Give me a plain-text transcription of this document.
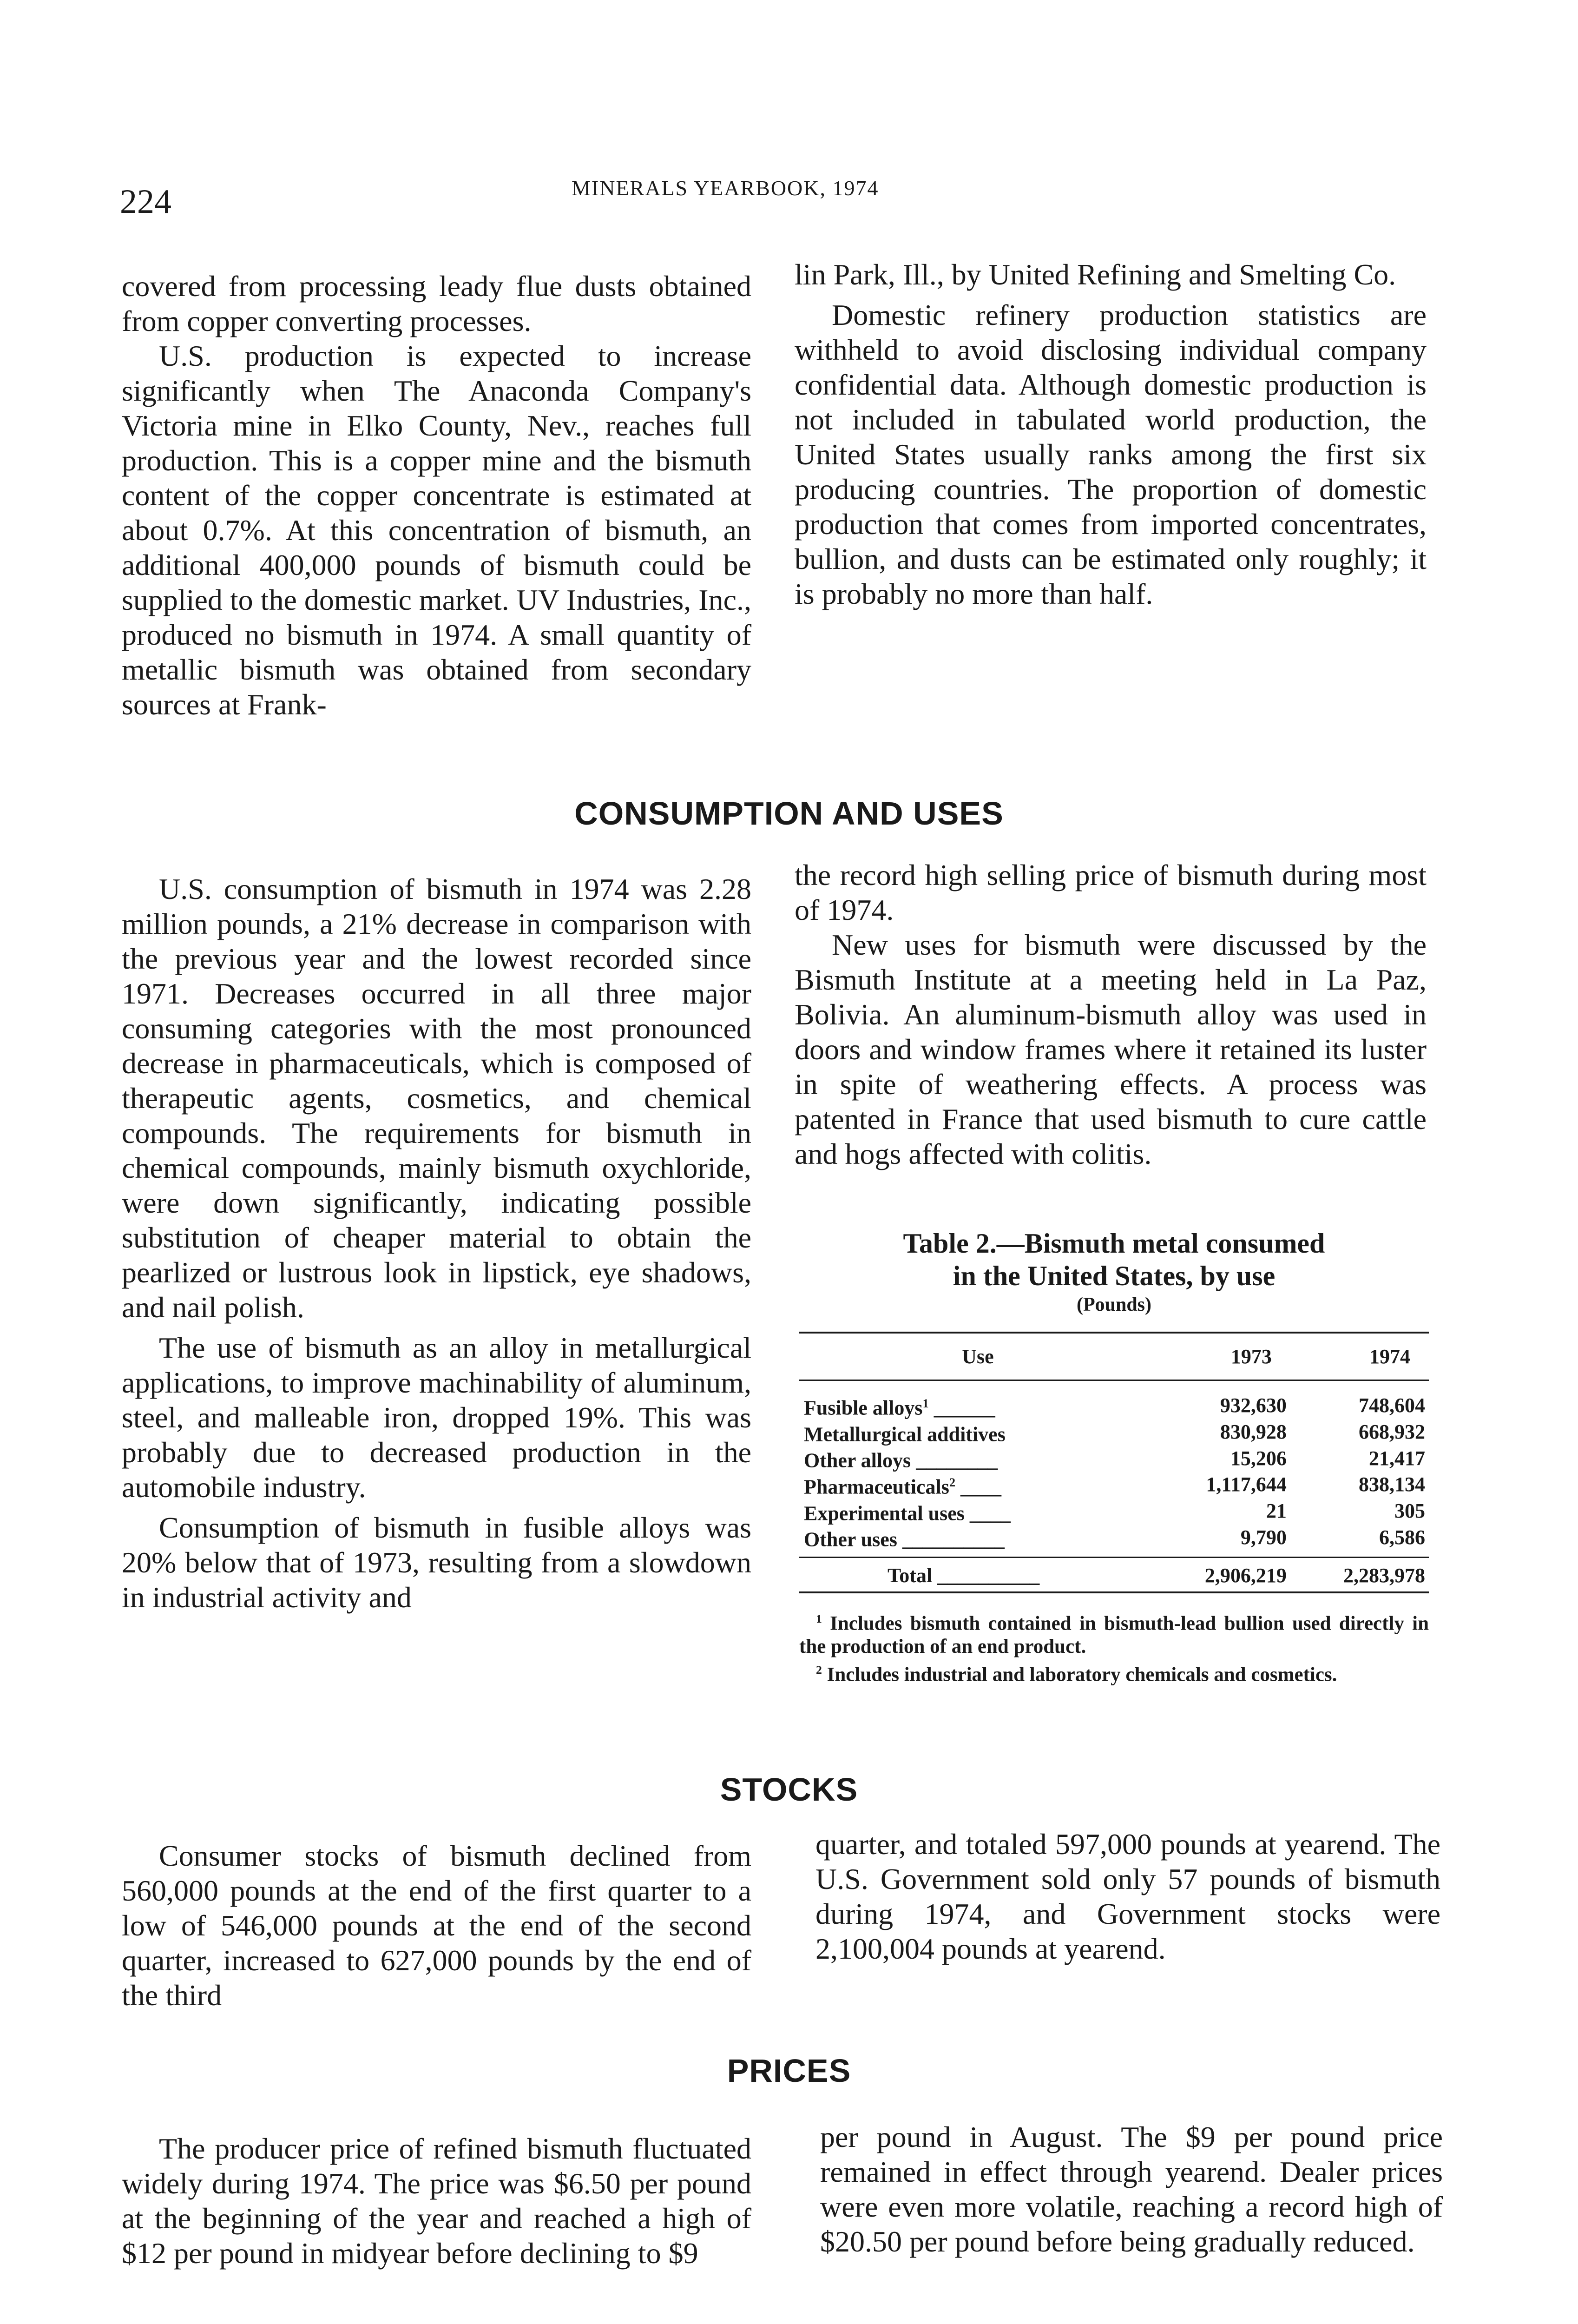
224	MINERALS YEARBOOK, 1974

covered from processing leady flue dusts obtained from copper converting processes.

U.S. production is expected to increase significantly when The Anaconda Company's Victoria mine in Elko County, Nev., reaches full production. This is a copper mine and the bismuth content of the copper concentrate is estimated at about 0.7%. At this concentration of bismuth, an additional 400,000 pounds of bismuth could be supplied to the domestic market. UV Industries, Inc., produced no bismuth in 1974. A small quantity of metallic bismuth was obtained from secondary sources at Frank-

lin Park, Ill., by United Refining and Smelting Co.

Domestic refinery production statistics are withheld to avoid disclosing individual company confidential data. Although domestic production is not included in tabulated world production, the United States usually ranks among the first six producing countries. The proportion of domestic production that comes from imported concentrates, bullion, and dusts can be estimated only roughly; it is probably no more than half.

CONSUMPTION AND USES

U.S. consumption of bismuth in 1974 was 2.28 million pounds, a 21% decrease in comparison with the previous year and the lowest recorded since 1971. Decreases occurred in all three major consuming categories with the most pronounced decrease in pharmaceuticals, which is composed of therapeutic agents, cosmetics, and chemical compounds. The requirements for bismuth in chemical compounds, mainly bismuth oxychloride, were down significantly, indicating possible substitution of cheaper material to obtain the pearlized or lustrous look in lipstick, eye shadows, and nail polish.

The use of bismuth as an alloy in metallurgical applications, to improve machinability of aluminum, steel, and malleable iron, dropped 19%. This was probably due to decreased production in the automobile industry.

Consumption of bismuth in fusible alloys was 20% below that of 1973, resulting from a slowdown in industrial activity and

the record high selling price of bismuth during most of 1974.

New uses for bismuth were discussed by the Bismuth Institute at a meeting held in La Paz, Bolivia. An aluminum-bismuth alloy was used in doors and window frames where it retained its luster in spite of weathering effects. A process was patented in France that used bismuth to cure cattle and hogs affected with colitis.

Table 2.—Bismuth metal consumed
in the United States, by use
(Pounds)
Use	1973	1974
Fusible alloys$^1$ ______	932,630	748,604
Metallurgical additives	830,928	668,932
Other alloys ________	15,206	21,417
Pharmaceuticals$^2$ ____	1,117,644	838,134
Experimental uses ____	21	305
Other uses __________	9,790	6,586
Total __________	2,906,219	2,283,978

$^1$ Includes bismuth contained in bismuth-lead bullion used directly in the production of an end product.

$^2$ Includes industrial and laboratory chemicals and cosmetics.

STOCKS

Consumer stocks of bismuth declined from 560,000 pounds at the end of the first quarter to a low of 546,000 pounds at the end of the second quarter, increased to 627,000 pounds by the end of the third

quarter, and totaled 597,000 pounds at yearend. The U.S. Government sold only 57 pounds of bismuth during 1974, and Government stocks were 2,100,004 pounds at yearend.

PRICES

The producer price of refined bismuth fluctuated widely during 1974. The price was $6.50 per pound at the beginning of the year and reached a high of $12 per pound in midyear before declining to $9

per pound in August. The $9 per pound price remained in effect through yearend. Dealer prices were even more volatile, reaching a record high of $20.50 per pound before being gradually reduced.
